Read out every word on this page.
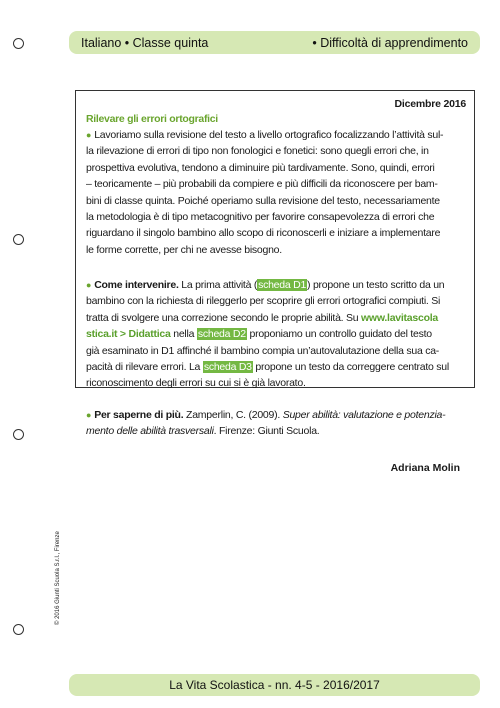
Italiano • Classe quinta	• Difficoltà di apprendimento
Dicembre 2016
Rilevare gli errori ortografici
● Lavoriamo sulla revisione del testo a livello ortografico focalizzando l’attività sul-
la rilevazione di errori di tipo non fonologici e fonetici: sono quegli errori che, in
prospettiva evolutiva, tendono a diminuire più tardivamente. Sono, quindi, errori
– teoricamente – più probabili da compiere e più difficili da riconoscere per bam-
bini di classe quinta. Poiché operiamo sulla revisione del testo, necessariamente
la metodologia è di tipo metacognitivo per favorire consapevolezza di errori che
riguardano il singolo bambino allo scopo di riconoscerli e iniziare a implementare
le forme corrette, per chi ne avesse bisogno.
● Come intervenire. La prima attività (scheda D1) propone un testo scritto da un
bambino con la richiesta di rileggerlo per scoprire gli errori ortografici compiuti. Si
tratta di svolgere una correzione secondo le proprie abilità. Su www.lavitascola
stica.it > Didattica nella scheda D2 proponiamo un controllo guidato del testo
già esaminato in D1 affinché il bambino compia un’autovalutazione della sua ca-
pacità di rilevare errori. La scheda D3 propone un testo da correggere centrato sul
riconoscimento degli errori su cui si è già lavorato.
● Per saperne di più. Zamperlin, C. (2009). Super abilità: valutazione e potenzia-
mento delle abilità trasversali. Firenze: Giunti Scuola.
Adriana Molin
© 2016 Giunti Scuola S.r.l., Firenze
La Vita Scolastica - nn. 4-5 - 2016/2017
